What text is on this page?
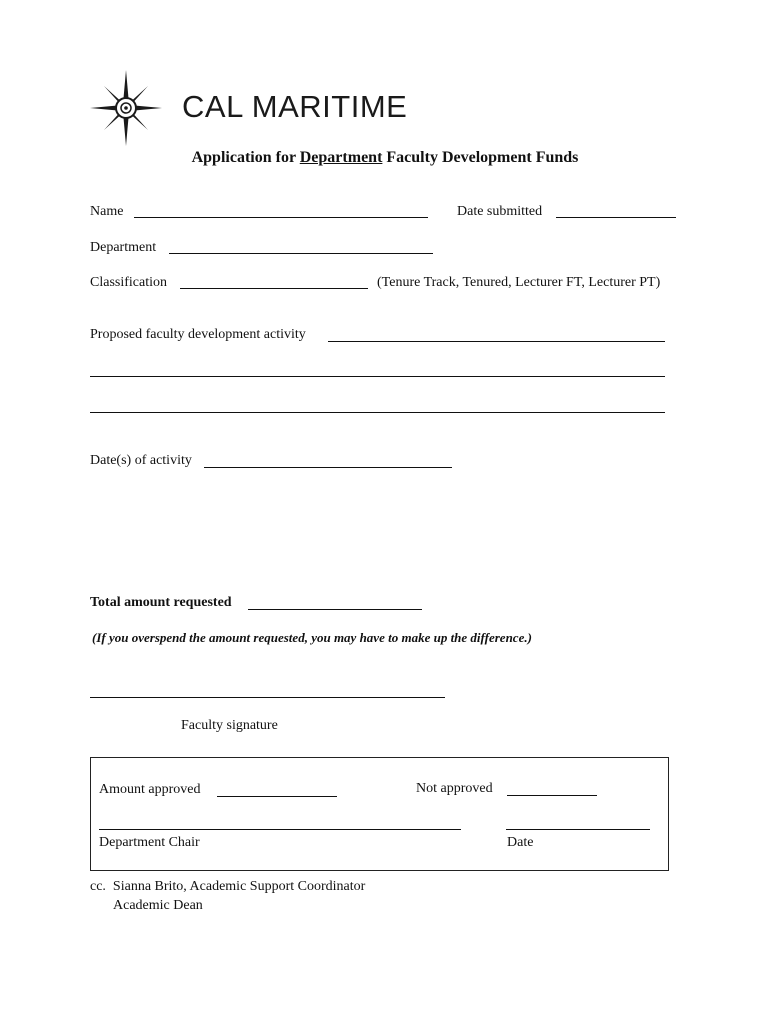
CAL MARITIME
Application for Department Faculty Development Funds
Name	Date submitted
Department
Classification	(Tenure Track, Tenured, Lecturer FT, Lecturer PT)
Proposed faculty development activity
Date(s) of activity
Total amount requested
(If you overspend the amount requested, you may have to make up the difference.)
Faculty signature
Amount approved	Not approved
Department Chair	Date
cc.  Sianna Brito, Academic Support Coordinator
Academic Dean
